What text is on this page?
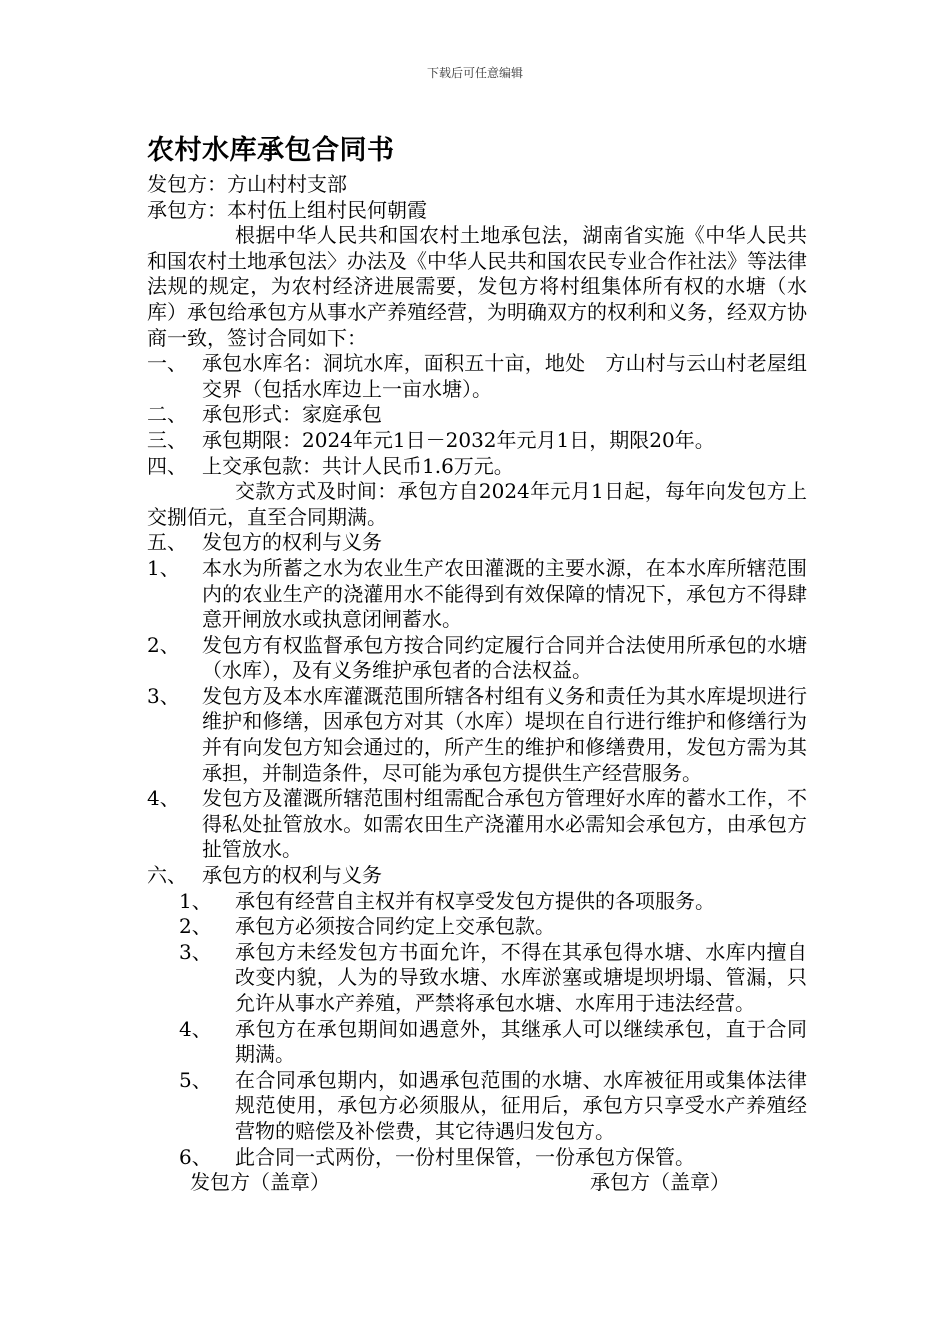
下载后可任意编辑
农村水库承包合同书
发包方：方山村村支部
承包方：本村伍上组村民何朝霞
根据中华人民共和国农村土地承包法，湖南省实施《中华人民共和国农村土地承包法〉办法及《中华人民共和国农民专业合作社法》等法律法规的规定，为农村经济进展需要，发包方将村组集体所有权的水塘（水库）承包给承包方从事水产养殖经营，为明确双方的权利和义务，经双方协商一致，签讨合同如下：
一、 承包水库名：洞坑水库，面积五十亩，地处　方山村与云山村老屋组交界（包括水库边上一亩水塘）。
二、 承包形式：家庭承包
三、 承包期限：2024年元1日－2032年元月1日，期限20年。
四、 上交承包款：共计人民币1.6万元。
交款方式及时间：承包方自2024年元月1日起，每年向发包方上交捌佰元，直至合同期满。
五、 发包方的权利与义务
1、 本水为所蓄之水为农业生产农田灌溉的主要水源，在本水库所辖范围内的农业生产的浇灌用水不能得到有效保障的情况下，承包方不得肆意开闸放水或执意闭闸蓄水。
2、 发包方有权监督承包方按合同约定履行合同并合法使用所承包的水塘（水库），及有义务维护承包者的合法权益。
3、 发包方及本水库灌溉范围所辖各村组有义务和责任为其水库堤坝进行维护和修缮，因承包方对其（水库）堤坝在自行进行维护和修缮行为并有向发包方知会通过的，所产生的维护和修缮费用，发包方需为其承担，并制造条件，尽可能为承包方提供生产经营服务。
4、 发包方及灌溉所辖范围村组需配合承包方管理好水库的蓄水工作，不得私处扯管放水。如需农田生产浇灌用水必需知会承包方，由承包方扯管放水。
六、 承包方的权利与义务
1、 承包有经营自主权并有权享受发包方提供的各项服务。
2、 承包方必须按合同约定上交承包款。
3、 承包方未经发包方书面允许，不得在其承包得水塘、水库内擅自改变内貌，人为的导致水塘、水库淤塞或塘堤坝坍塌、管漏，只允许从事水产养殖，严禁将承包水塘、水库用于违法经营。
4、 承包方在承包期间如遇意外，其继承人可以继续承包，直于合同期满。
5、 在合同承包期内，如遇承包范围的水塘、水库被征用或集体法律规范使用，承包方必须服从，征用后，承包方只享受水产养殖经营物的赔偿及补偿费，其它待遇归发包方。
6、 此合同一式两份，一份村里保管，一份承包方保管。
发包方（盖章）	承包方（盖章）
